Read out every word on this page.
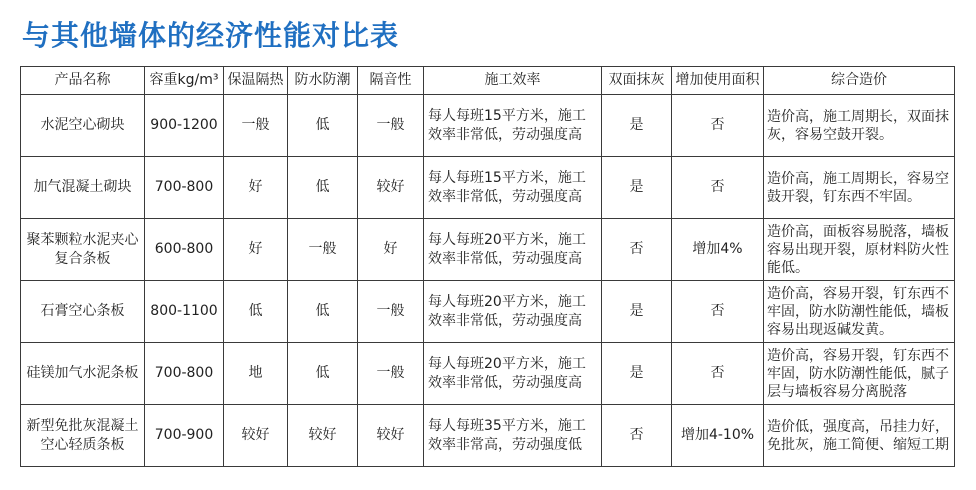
与其他墙体的经济性能对比表
产品名称	容重kg/m³	保温隔热	防水防潮	隔音性	施工效率	双面抹灰	增加使用面积	综合造价
水泥空心砌块	900-1200	一般	低	一般	每人每班15平方米，施工效率非常低，劳动强度高	是	否	造价高，施工周期长，双面抹灰，容易空鼓开裂。
加气混凝土砌块	700-800	好	低	较好	每人每班15平方米，施工效率非常低，劳动强度高	是	否	造价高，施工周期长，容易空鼓开裂，钉东西不牢固。
聚苯颗粒水泥夹心复合条板	600-800	好	一般	好	每人每班20平方米，施工效率非常低，劳动强度高	否	增加4%	造价高，面板容易脱落，墙板容易出现开裂，原材料防火性能低。
石膏空心条板	800-1100	低	低	一般	每人每班20平方米，施工效率非常低，劳动强度高	是	否	造价高，容易开裂，钉东西不牢固，防水防潮性能低，墙板容易出现返碱发黄。
硅镁加气水泥条板	700-800	地	低	一般	每人每班20平方米，施工效率非常低，劳动强度高	是	否	造价高，容易开裂，钉东西不牢固，防水防潮性能低，腻子层与墙板容易分离脱落
新型免批灰混凝土空心轻质条板	700-900	较好	较好	较好	每人每班35平方米，施工效率非常高，劳动强度低	否	增加4-10%	造价低，强度高，吊挂力好，免批灰，施工简便、缩短工期
